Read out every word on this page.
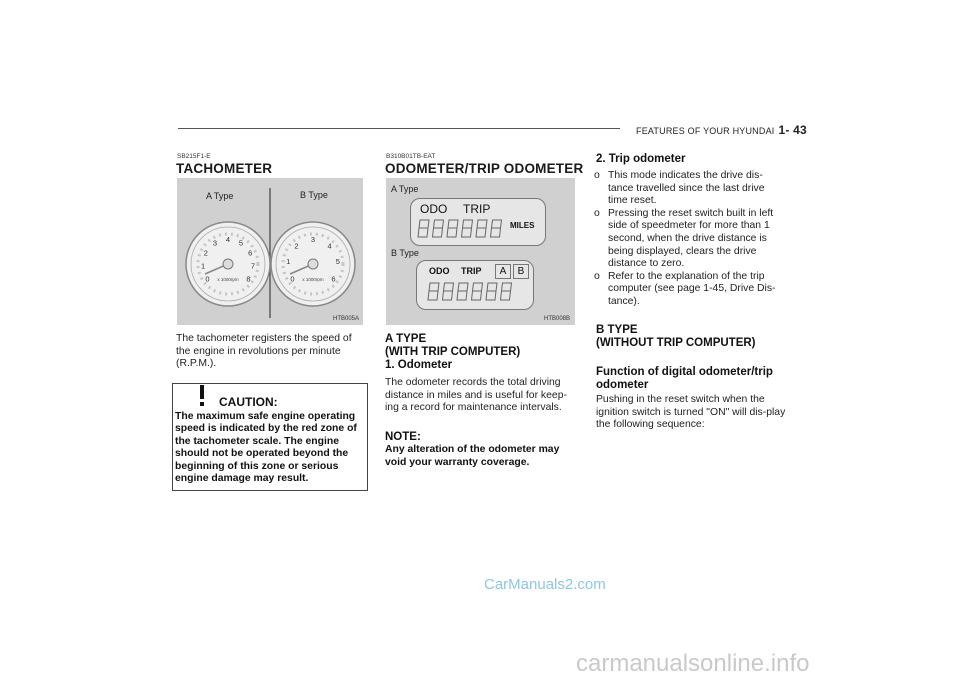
FEATURES OF YOUR HYUNDAI 1- 43
SB215F1-E
TACHOMETER
A Type	B Type
0
1
2
3 4 5
6
7
8	0
1
2
3
4
5
6
x 1000rpm	x 1000rpm
HTB005A
The tachometer registers the speed of the engine in revolutions per minute (R.P.M.).
CAUTION:
The maximum safe engine operating speed is indicated by the red zone of the tachometer scale. The engine should not be operated beyond the beginning of this zone or serious engine damage may result.
B310B01TB-EAT
ODOMETER/TRIP ODOMETER
A Type
B Type
ODO TRIP
MILES
ODO TRIP	A	B
HTB008B
A TYPE
(WITH TRIP COMPUTER)
1. Odometer
The odometer records the total driving distance in miles and is useful for keep-ing a record for maintenance intervals.
NOTE:
Any alteration of the odometer may void your warranty coverage.
2. Trip odometer
o This mode indicates the drive dis-tance travelled since the last drive time reset.
o Pressing the reset switch built in left side of speedmeter for more than 1 second, when the drive distance is being displayed, clears the drive distance to zero.
o Refer to the explanation of the trip computer (see page 1-45, Drive Dis-tance).
B TYPE
(WITHOUT TRIP COMPUTER)
Function of digital odometer/trip
odometer
Pushing in the reset switch when the ignition switch is turned "ON" will dis-play the following sequence:
CarManuals2.com
carmanualsonline.info
